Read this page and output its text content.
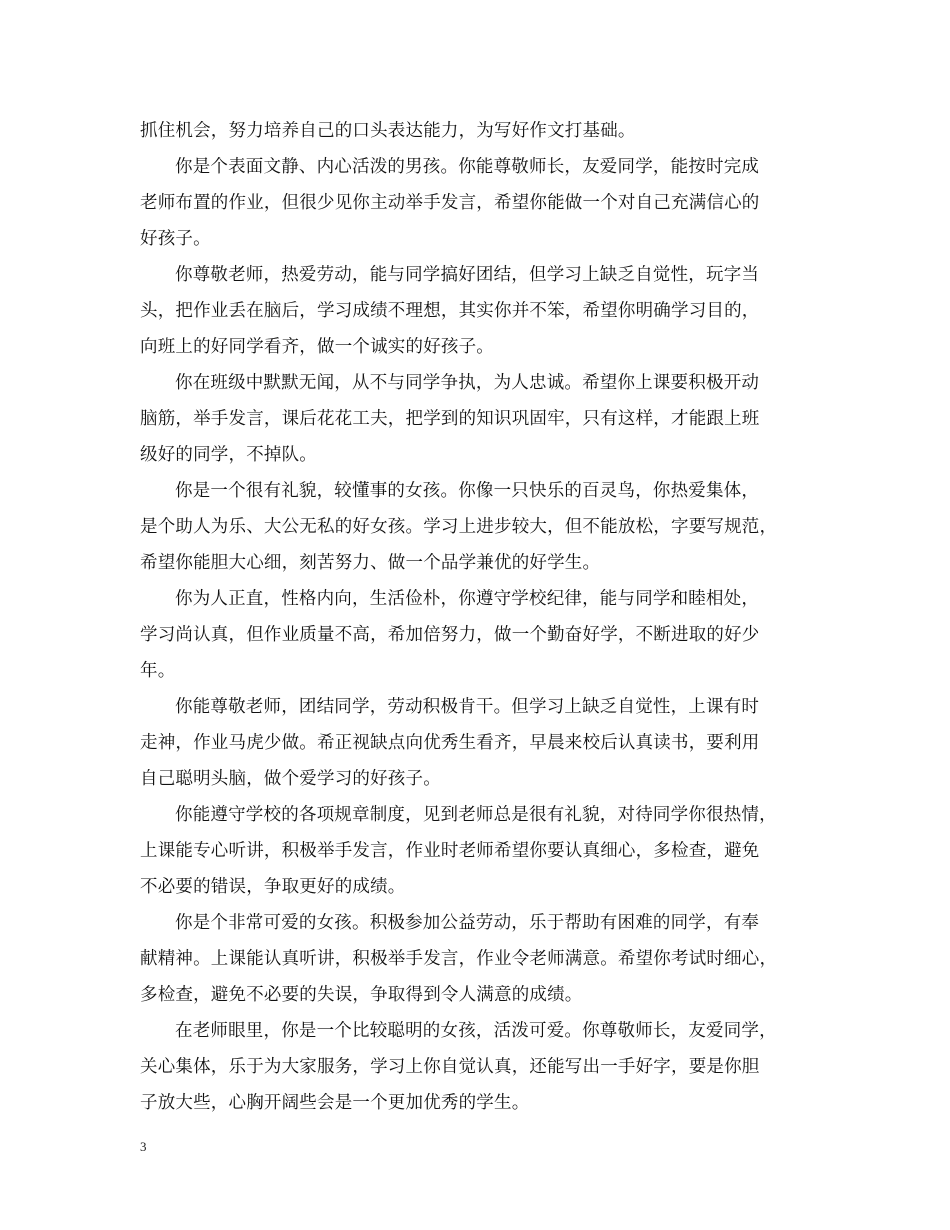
抓住机会，努力培养自己的口头表达能力，为写好作文打基础。
你是个表面文静、内心活泼的男孩。你能尊敬师长，友爱同学，能按时完成
老师布置的作业，但很少见你主动举手发言，希望你能做一个对自己充满信心的
好孩子。
你尊敬老师，热爱劳动，能与同学搞好团结，但学习上缺乏自觉性，玩字当
头，把作业丢在脑后，学习成绩不理想，其实你并不笨，希望你明确学习目的，
向班上的好同学看齐，做一个诚实的好孩子。
你在班级中默默无闻，从不与同学争执，为人忠诚。希望你上课要积极开动
脑筋，举手发言，课后花花工夫，把学到的知识巩固牢，只有这样，才能跟上班
级好的同学，不掉队。
你是一个很有礼貌，较懂事的女孩。你像一只快乐的百灵鸟，你热爱集体，
是个助人为乐、大公无私的好女孩。学习上进步较大，但不能放松，字要写规范，
希望你能胆大心细，刻苦努力、做一个品学兼优的好学生。
你为人正直，性格内向，生活俭朴，你遵守学校纪律，能与同学和睦相处，
学习尚认真，但作业质量不高，希加倍努力，做一个勤奋好学，不断进取的好少
年。
你能尊敬老师，团结同学，劳动积极肯干。但学习上缺乏自觉性，上课有时
走神，作业马虎少做。希正视缺点向优秀生看齐，早晨来校后认真读书，要利用
自己聪明头脑，做个爱学习的好孩子。
你能遵守学校的各项规章制度，见到老师总是很有礼貌，对待同学你很热情，
上课能专心听讲，积极举手发言，作业时老师希望你要认真细心，多检查，避免
不必要的错误，争取更好的成绩。
你是个非常可爱的女孩。积极参加公益劳动，乐于帮助有困难的同学，有奉
献精神。上课能认真听讲，积极举手发言，作业令老师满意。希望你考试时细心，
多检查，避免不必要的失误，争取得到令人满意的成绩。
在老师眼里，你是一个比较聪明的女孩，活泼可爱。你尊敬师长，友爱同学，
关心集体，乐于为大家服务，学习上你自觉认真，还能写出一手好字，要是你胆
子放大些，心胸开阔些会是一个更加优秀的学生。
3
